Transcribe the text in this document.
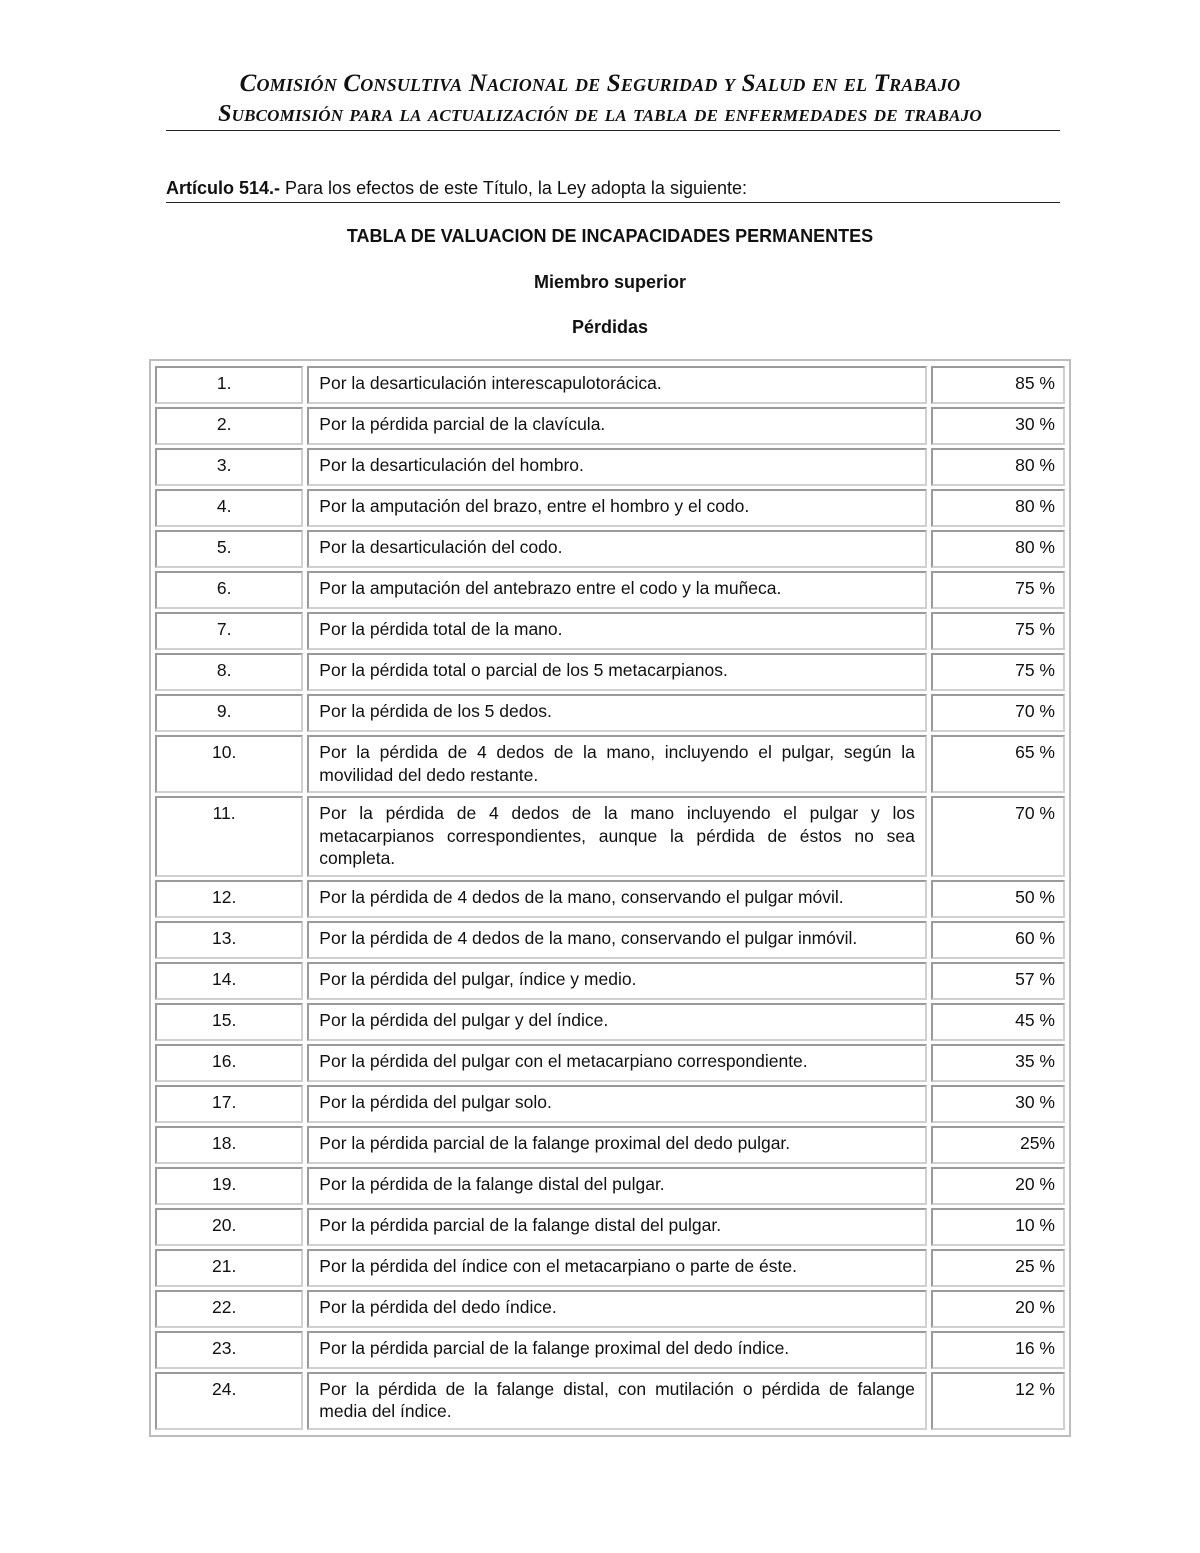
Comisión Consultiva Nacional de Seguridad y Salud en el Trabajo
Subcomisión para la actualización de la tabla de enfermedades de trabajo
Artículo 514.- Para los efectos de este Título, la Ley adopta la siguiente:
TABLA DE VALUACION DE INCAPACIDADES PERMANENTES
Miembro superior
Pérdidas
1.	Por la desarticulación interescapulotorácica.	85 %
2.	Por la pérdida parcial de la clavícula.	30 %
3.	Por la desarticulación del hombro.	80 %
4.	Por la amputación del brazo, entre el hombro y el codo.	80 %
5.	Por la desarticulación del codo.	80 %
6.	Por la amputación del antebrazo entre el codo y la muñeca.	75 %
7.	Por la pérdida total de la mano.	75 %
8.	Por la pérdida total o parcial de los 5 metacarpianos.	75 %
9.	Por la pérdida de los 5 dedos.	70 %
10.	Por la pérdida de 4 dedos de la mano, incluyendo el pulgar, según la movilidad del dedo restante.	65 %
11.	Por la pérdida de 4 dedos de la mano incluyendo el pulgar y los metacarpianos correspondientes, aunque la pérdida de éstos no sea completa.	70 %
12.	Por la pérdida de 4 dedos de la mano, conservando el pulgar móvil.	50 %
13.	Por la pérdida de 4 dedos de la mano, conservando el pulgar inmóvil.	60 %
14.	Por la pérdida del pulgar, índice y medio.	57 %
15.	Por la pérdida del pulgar y del índice.	45 %
16.	Por la pérdida del pulgar con el metacarpiano correspondiente.	35 %
17.	Por la pérdida del pulgar solo.	30 %
18.	Por la pérdida parcial de la falange proximal del dedo pulgar.	25%
19.	Por la pérdida de la falange distal del pulgar.	20 %
20.	Por la pérdida parcial de la falange distal del pulgar.	10 %
21.	Por la pérdida del índice con el metacarpiano o parte de éste.	25 %
22.	Por la pérdida del dedo índice.	20 %
23.	Por la pérdida parcial de la falange proximal del dedo índice.	16 %
24.	Por la pérdida de la falange distal, con mutilación o pérdida de falange media del índice.	12 %
